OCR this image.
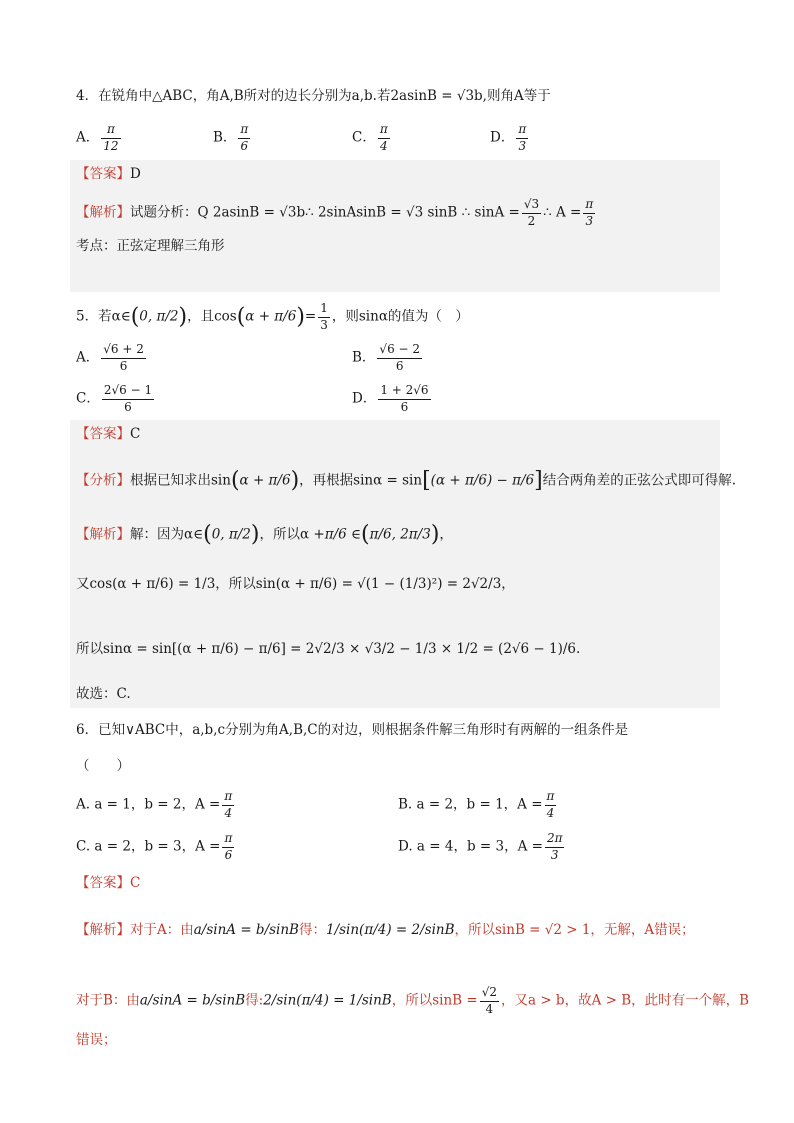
4．在锐角中△ABC，角A,B所对的边长分别为a,b.若2asinB = √3b,则角A等于
A． $\frac{\pi}{12}$	B． $\frac{\pi}{6}$	C． $\frac{\pi}{4}$	D． $\frac{\pi}{3}$
【答案】D
【解析】试题分析：Q 2asinB = √3b∴ 2sinAsinB = √3 sinB ∴ $\sin A = \frac{√3}{2}$ ∴ $A = \frac{\pi}{3}$
考点：正弦定理解三角形
5．若α∈(0, π/2)，且$\cos(\alpha + \pi/6)= \frac{1}{3}$ ，则sinα的值为（　）
A． $\frac{√6 + 2}{6}$	B． $\frac{√6 - 2}{6}$
C． $\frac{2√6 - 1}{6}$	D． $\frac{1 + 2√6}{6}$
【答案】C
【分析】根据已知求出sin(α + π/6)，再根据sinα = sin[(α + π/6) − π/6]结合两角差的正弦公式即可得解.
【解析】解：因为α∈(0, π/2)，所以α +π/6 ∈(π/6, 2π/3)，
又cos(α + π/6) = 1/3，所以sin(α + π/6) = √(1 − (1/3)²) = 2√2/3，
所以sinα = sin[(α + π/6) − π/6] = 2√2/3 × √3/2 − 1/3 × 1/2 = (2√6 − 1)/6.
故选：C.
6．已知∨ABC中，a,b,c分别为角A,B,C的对边，则根据条件解三角形时有两解的一组条件是
（　　）
A. a = 1，b = 2，$A = \frac{\pi}{4}$	B. a = 2，b = 1，$A = \frac{\pi}{4}$
C. a = 2，b = 3，$A = \frac{\pi}{6}$	D. a = 4，b = 3，$A = \frac{2\pi}{3}$
【答案】C
【解析】对于A：由a/sinA = b/sinB得：1/sin(π/4) = 2/sinB，所以sinB = √2 > 1，无解，A错误；
对于B：由a/sinA = b/sinB得:2/sin(π/4) = 1/sinB，所以$\sin B = \frac{√2}{4}$ ，又a > b，故A > B，此时有一个解，B
错误；
